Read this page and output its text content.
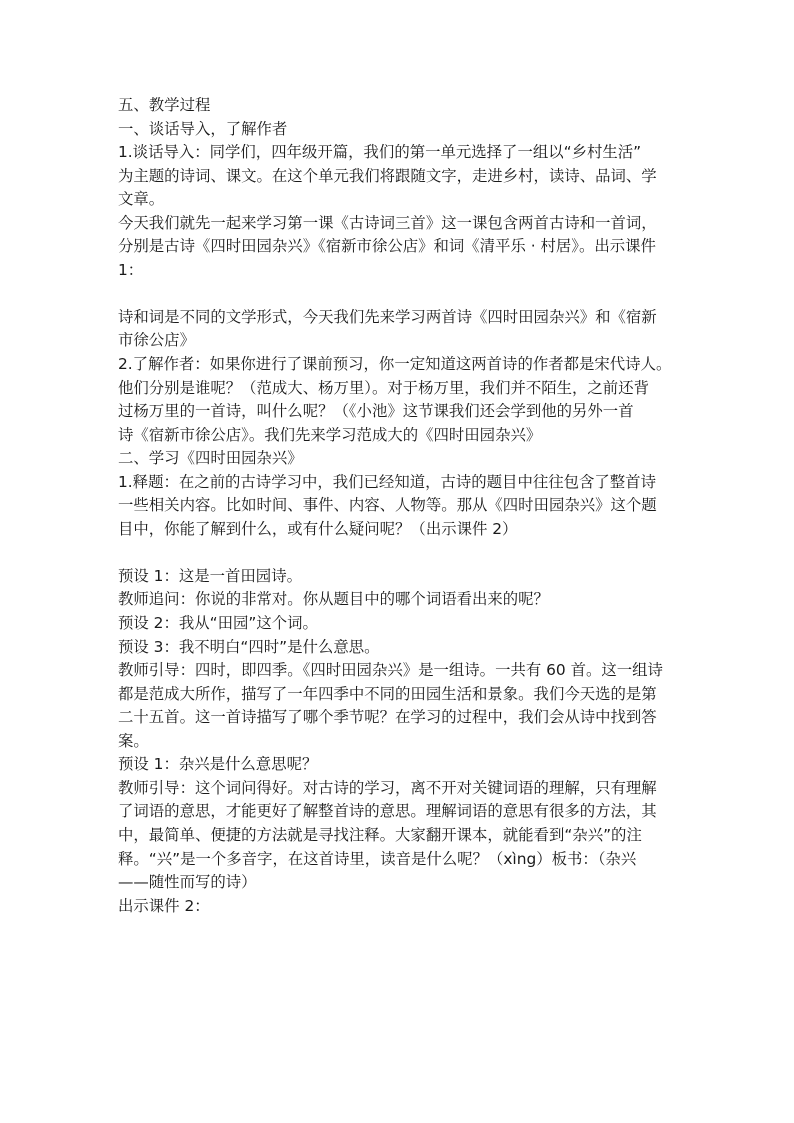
五、教学过程
一、谈话导入，了解作者
1.谈话导入：同学们，四年级开篇，我们的第一单元选择了一组以“乡村生活”
为主题的诗词、课文。在这个单元我们将跟随文字，走进乡村，读诗、品词、学
文章。
今天我们就先一起来学习第一课《古诗词三首》这一课包含两首古诗和一首词，
分别是古诗《四时田园杂兴》《宿新市徐公店》和词《清平乐 · 村居》。出示课件
1：
诗和词是不同的文学形式，今天我们先来学习两首诗《四时田园杂兴》和《宿新
市徐公店》
2.了解作者：如果你进行了课前预习，你一定知道这两首诗的作者都是宋代诗人。
他们分别是谁呢？（范成大、杨万里）。对于杨万里，我们并不陌生，之前还背
过杨万里的一首诗，叫什么呢？（《小池》这节课我们还会学到他的另外一首
诗《宿新市徐公店》。我们先来学习范成大的《四时田园杂兴》
二、学习《四时田园杂兴》
1.释题：在之前的古诗学习中，我们已经知道，古诗的题目中往往包含了整首诗
一些相关内容。比如时间、事件、内容、人物等。那从《四时田园杂兴》这个题
目中，你能了解到什么，或有什么疑问呢？（出示课件 2）
预设 1：这是一首田园诗。
教师追问：你说的非常对。你从题目中的哪个词语看出来的呢？
预设 2：我从“田园”这个词。
预设 3：我不明白“四时”是什么意思。
教师引导：四时，即四季。《四时田园杂兴》是一组诗。一共有 60 首。这一组诗
都是范成大所作，描写了一年四季中不同的田园生活和景象。我们今天选的是第
二十五首。这一首诗描写了哪个季节呢？在学习的过程中，我们会从诗中找到答
案。
预设 1：杂兴是什么意思呢？
教师引导：这个词问得好。对古诗的学习，离不开对关键词语的理解，只有理解
了词语的意思，才能更好了解整首诗的意思。理解词语的意思有很多的方法，其
中，最简单、便捷的方法就是寻找注释。大家翻开课本，就能看到“杂兴”的注
释。“兴”是一个多音字，在这首诗里，读音是什么呢？（xìng）板书：（杂兴
——随性而写的诗）
出示课件 2：
